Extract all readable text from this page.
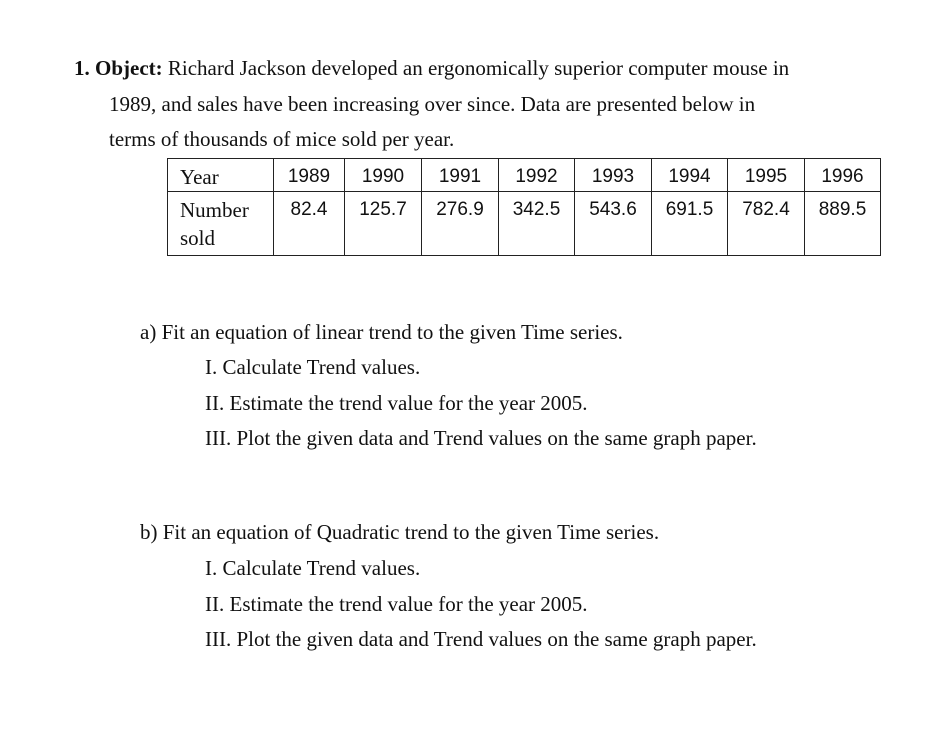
1. Object: Richard Jackson developed an ergonomically superior computer mouse in
1989, and sales have been increasing over since. Data are presented below in
terms of thousands of mice sold per year.
Year	1989	1990	1991	1992	1993	1994	1995	1996

Number
sold	82.4	125.7	276.9	342.5	543.6	691.5	782.4	889.5
a) Fit an equation of linear trend to the given Time series.
I. Calculate Trend values.
II. Estimate the trend value for the year 2005.
III. Plot the given data and Trend values on the same graph paper.
b) Fit an equation of Quadratic trend to the given Time series.
I. Calculate Trend values.
II. Estimate the trend value for the year 2005.
III. Plot the given data and Trend values on the same graph paper.
